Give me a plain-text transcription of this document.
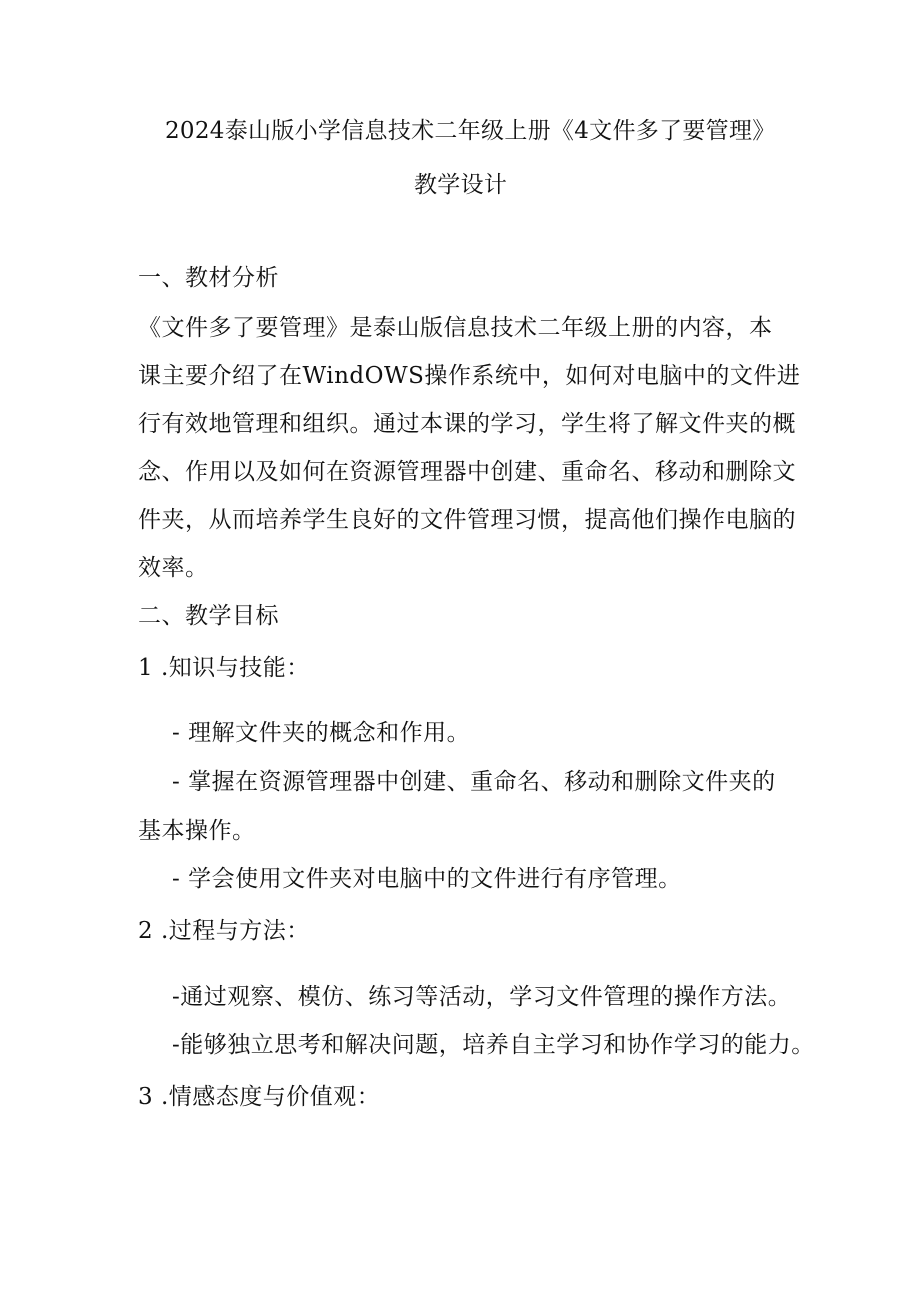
2024泰山版小学信息技术二年级上册《4文件多了要管理》
教学设计
一、教材分析
《文件多了要管理》是泰山版信息技术二年级上册的内容，本
课主要介绍了在WindOWS操作系统中，如何对电脑中的文件进
行有效地管理和组织。通过本课的学习，学生将了解文件夹的概
念、作用以及如何在资源管理器中创建、重命名、移动和删除文
件夹，从而培养学生良好的文件管理习惯，提高他们操作电脑的
效率。
二、教学目标
1 .知识与技能：
- 理解文件夹的概念和作用。
- 掌握在资源管理器中创建、重命名、移动和删除文件夹的
基本操作。
- 学会使用文件夹对电脑中的文件进行有序管理。
2 .过程与方法：
-通过观察、模仿、练习等活动，学习文件管理的操作方法。
-能够独立思考和解决问题，培养自主学习和协作学习的能力。
3 .情感态度与价值观：
